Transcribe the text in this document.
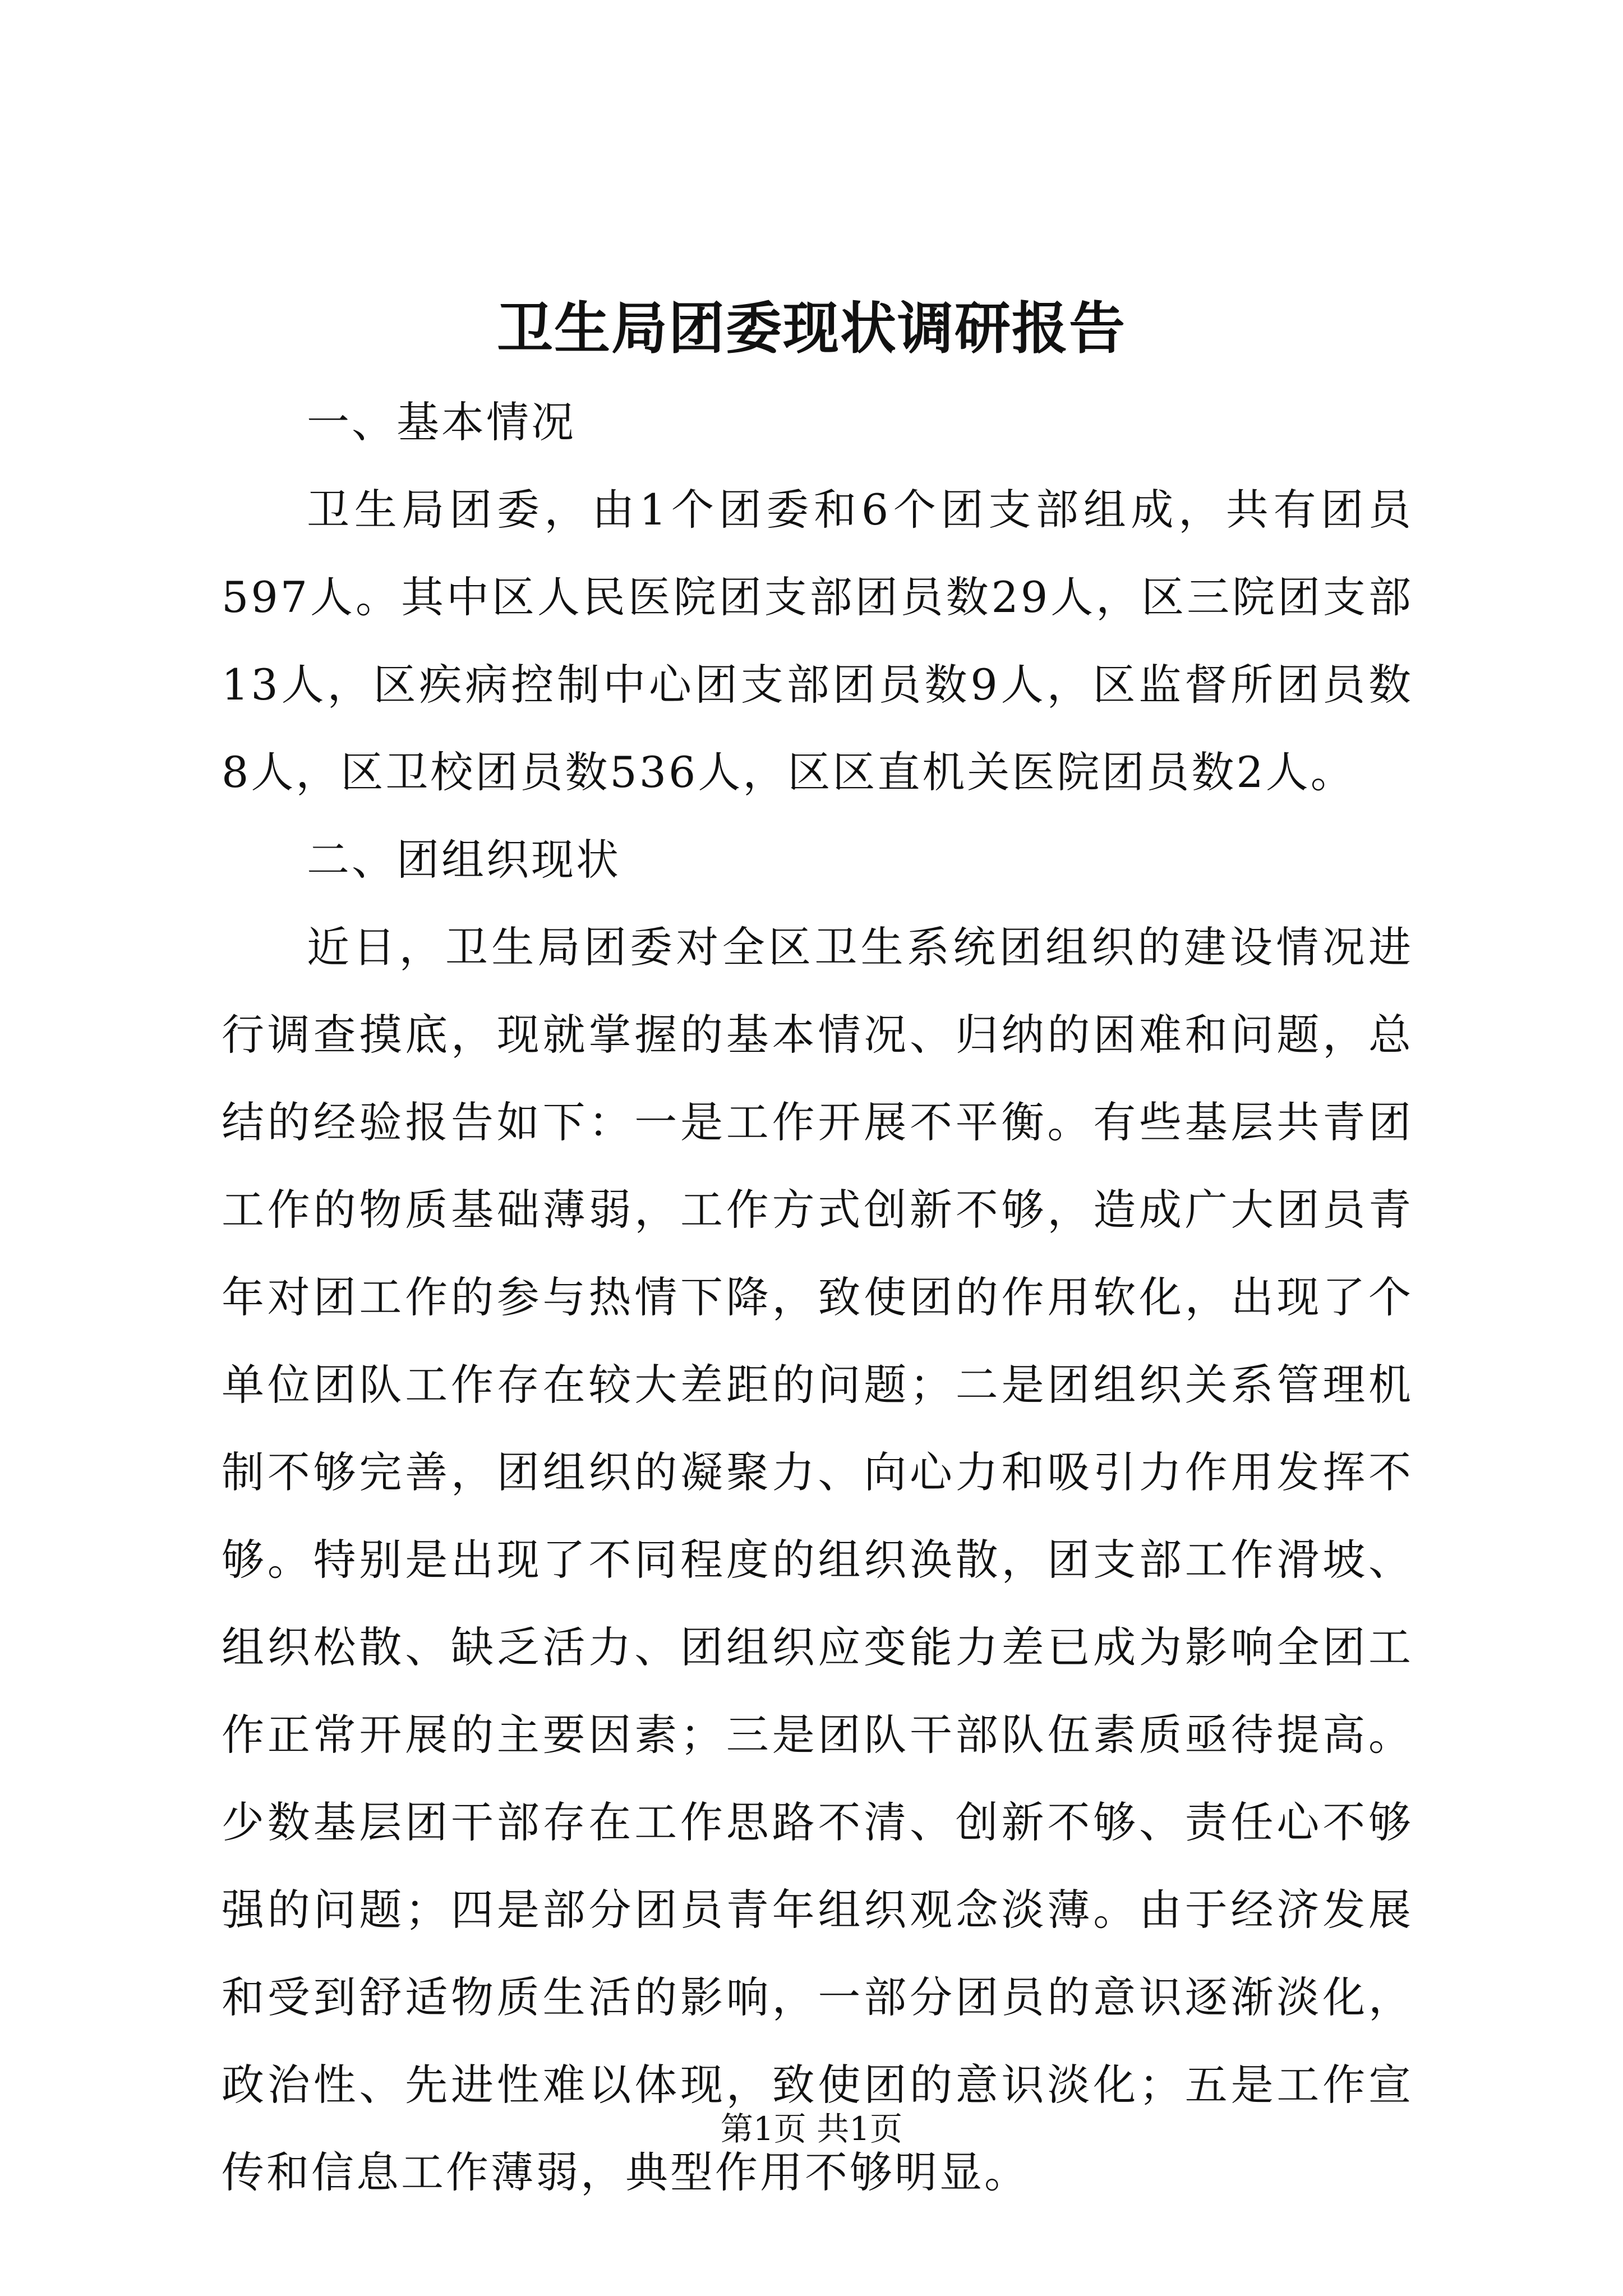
卫生局团委现状调研报告

一、基本情况

卫生局团委，由1个团委和6个团支部组成，共有团员597人。其中区人民医院团支部团员数29人，区三院团支部13人，区疾病控制中心团支部团员数9人，区监督所团员数8人，区卫校团员数536人，区区直机关医院团员数2人。

二、团组织现状

近日，卫生局团委对全区卫生系统团组织的建设情况进行调查摸底，现就掌握的基本情况、归纳的困难和问题，总结的经验报告如下：一是工作开展不平衡。有些基层共青团工作的物质基础薄弱，工作方式创新不够，造成广大团员青年对团工作的参与热情下降，致使团的作用软化，出现了个单位团队工作存在较大差距的问题；二是团组织关系管理机制不够完善，团组织的凝聚力、向心力和吸引力作用发挥不够。特别是出现了不同程度的组织涣散，团支部工作滑坡、组织松散、缺乏活力、团组织应变能力差已成为影响全团工作正常开展的主要因素；三是团队干部队伍素质亟待提高。少数基层团干部存在工作思路不清、创新不够、责任心不够强的问题；四是部分团员青年组织观念淡薄。由于经济发展和受到舒适物质生活的影响，一部分团员的意识逐渐淡化，政治性、先进性难以体现，致使团的意识淡化；五是工作宣传和信息工作薄弱，典型作用不够明显。

第1页 共1页
